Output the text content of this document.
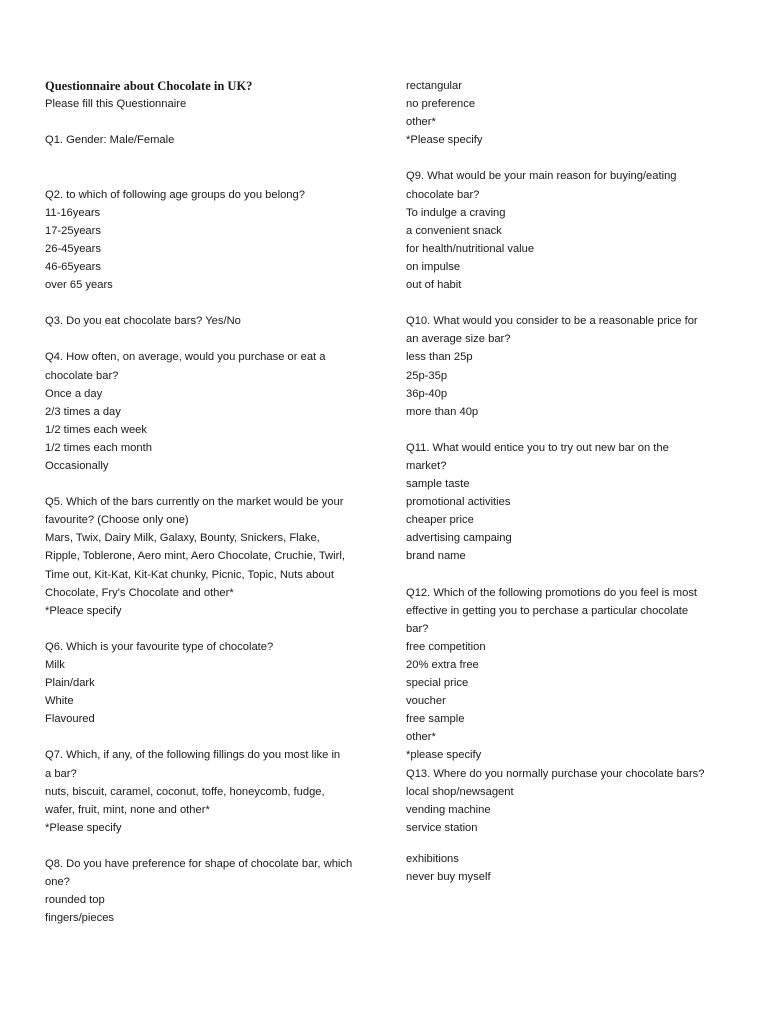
Questionnaire about Chocolate in UK?
Please fill this Questionnaire
Q1. Gender: Male/Female
Q2. to which of following age groups do you belong?
11-16years
17-25years
26-45years
46-65years
over 65 years
Q3. Do you eat chocolate bars? Yes/No
Q4. How often, on average, would you purchase or eat a
chocolate bar?
Once a day
2/3 times a day
1/2 times each week
1/2 times each month
Occasionally
Q5. Which of the bars currently on the market would be your
favourite? (Choose only one)
Mars, Twix, Dairy Milk, Galaxy, Bounty, Snickers, Flake,
Ripple, Toblerone, Aero mint, Aero Chocolate, Cruchie, Twirl,
Time out, Kit-Kat, Kit-Kat chunky, Picnic, Topic, Nuts about
Chocolate, Fry's Chocolate and other*
*Pleace specify
Q6. Which is your favourite type of chocolate?
Milk
Plain/dark
White
Flavoured
Q7. Which, if any, of the following fillings do you most like in
a bar?
nuts, biscuit, caramel, coconut, toffe, honeycomb, fudge,
wafer, fruit, mint, none and other*
*Please specify
Q8. Do you have preference for shape of chocolate bar, which
one?
rounded top
fingers/pieces
rectangular
no preference
other*
*Please specify
Q9. What would be your main reason for buying/eating
chocolate bar?
To indulge a craving
a convenient snack
for health/nutritional value
on impulse
out of habit
Q10. What would you consider to be a reasonable price for
an average size bar?
less than 25p
25p-35p
36p-40p
more than 40p
Q11. What would entice you to try out new bar on the
market?
sample taste
promotional activities
cheaper price
advertising campaing
brand name
Q12. Which of the following promotions do you feel is most
effective in getting you to perchase a particular chocolate
bar?
free competition
20% extra free
special price
voucher
free sample
other*
*please specify
Q13. Where do you normally purchase your chocolate bars?
local shop/newsagent
vending machine
service station
exhibitions
never buy myself
